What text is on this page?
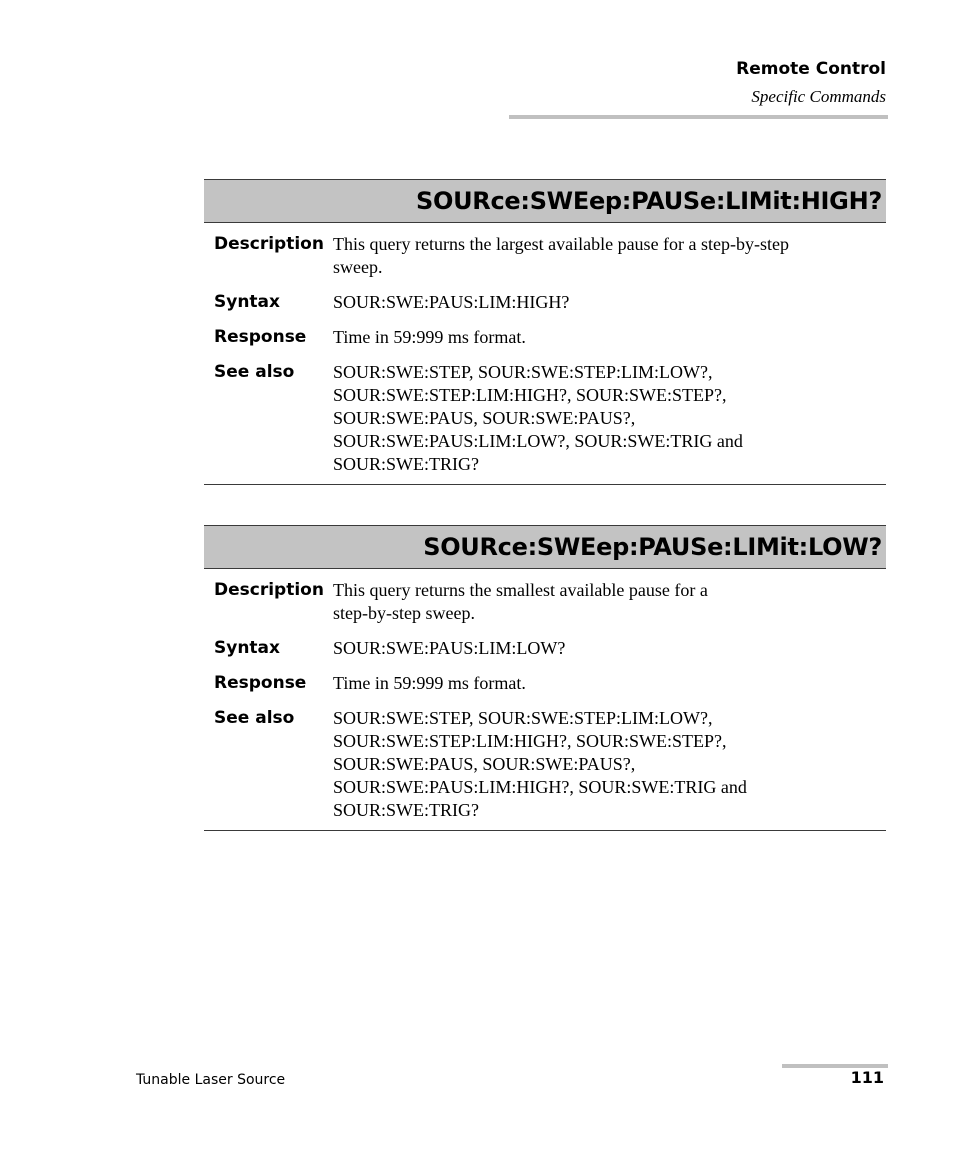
Remote Control
Specific Commands
SOURce:SWEep:PAUSe:LIMit:HIGH?
Description This query returns the largest available pause for a step-by-step
sweep.
Syntax	SOUR:SWE:PAUS:LIM:HIGH?
Response	Time in 59:999 ms format.
See also	SOUR:SWE:STEP, SOUR:SWE:STEP:LIM:LOW?,
SOUR:SWE:STEP:LIM:HIGH?, SOUR:SWE:STEP?,
SOUR:SWE:PAUS, SOUR:SWE:PAUS?,
SOUR:SWE:PAUS:LIM:LOW?, SOUR:SWE:TRIG and
SOUR:SWE:TRIG?
SOURce:SWEep:PAUSe:LIMit:LOW?
Description This query returns the smallest available pause for a
step-by-step sweep.
Syntax	SOUR:SWE:PAUS:LIM:LOW?
Response	Time in 59:999 ms format.
See also	SOUR:SWE:STEP, SOUR:SWE:STEP:LIM:LOW?,
SOUR:SWE:STEP:LIM:HIGH?, SOUR:SWE:STEP?,
SOUR:SWE:PAUS, SOUR:SWE:PAUS?,
SOUR:SWE:PAUS:LIM:HIGH?, SOUR:SWE:TRIG and
SOUR:SWE:TRIG?
Tunable Laser Source	111
